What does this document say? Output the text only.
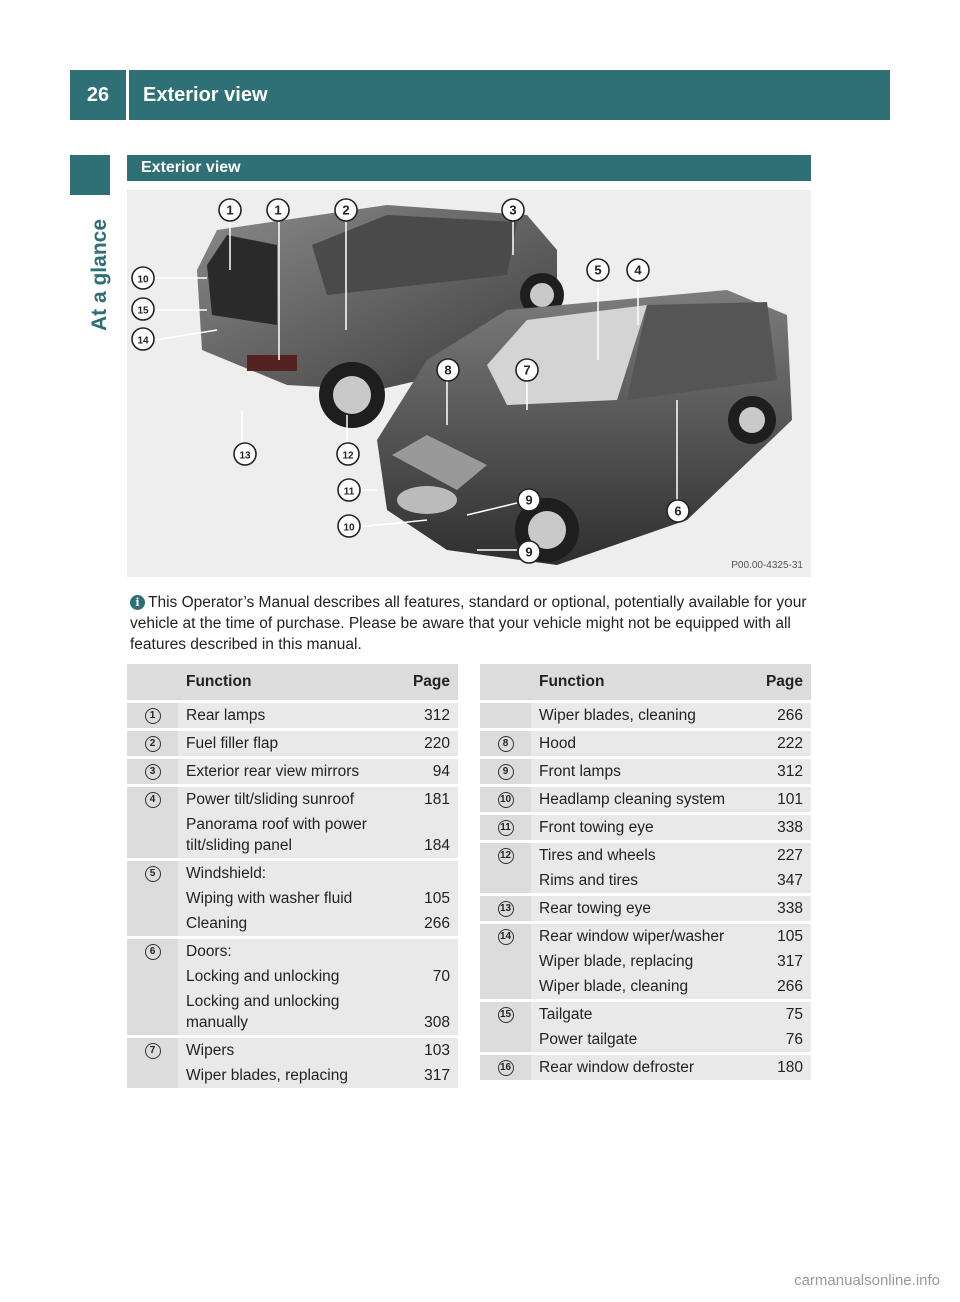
26	Exterior view
At a glance
Exterior view
P00.00-4325-31
1	1	2	3
5	4
10
15
14
8	7
13	12
11
9
10
6
9
i This Operator’s Manual describes all features, standard or optional, potentially available for your vehicle at the time of purchase. Please be aware that your vehicle might not be equipped with all features described in this manual.
	Function	Page
1	Rear lamps	312
2	Fuel filler flap	220
3	Exterior rear view mirrors	94
4	Power tilt/sliding sunroof	181
	Panorama roof with power tilt/sliding panel	184
5	Windshield:	
	Wiping with washer fluid	105
	Cleaning	266
6	Doors:	
	Locking and unlocking	70
	Locking and unlocking manually	308
7	Wipers	103
	Wiper blades, replacing	317
	Function	Page
	Wiper blades, cleaning	266
8	Hood	222
9	Front lamps	312
10	Headlamp cleaning system	101
11	Front towing eye	338
12	Tires and wheels	227
	Rims and tires	347
13	Rear towing eye	338
14	Rear window wiper/washer	105
	Wiper blade, replacing	317
	Wiper blade, cleaning	266
15	Tailgate	75
	Power tailgate	76
16	Rear window defroster	180
carmanualsonline.info
